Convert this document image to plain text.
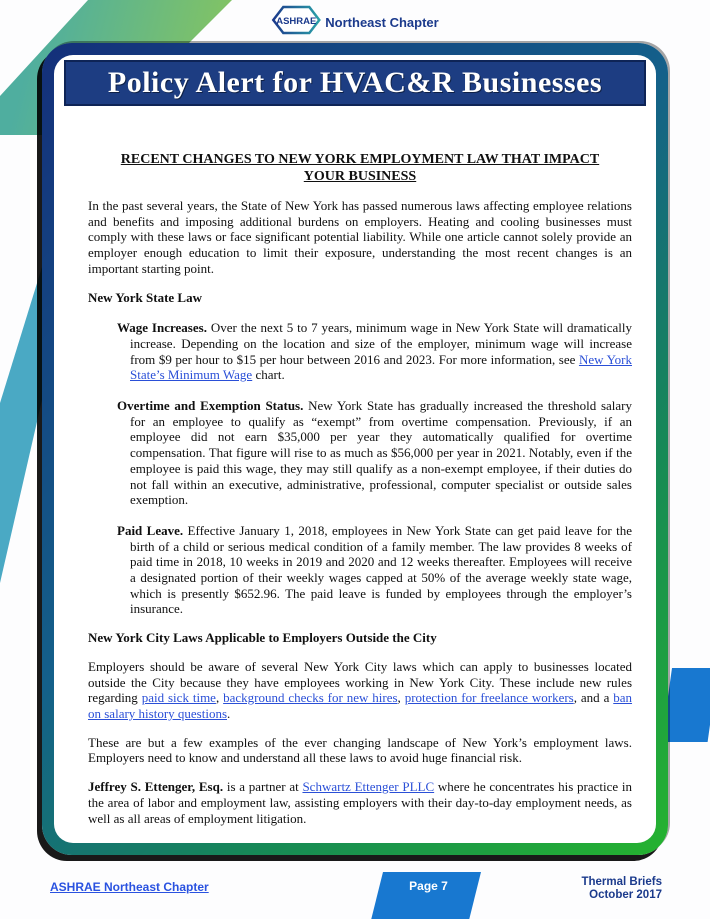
ASHRAE Northeast Chapter
Policy Alert for HVAC&R Businesses
RECENT CHANGES TO NEW YORK EMPLOYMENT LAW THAT IMPACT
YOUR BUSINESS

In the past several years, the State of New York has passed numerous laws affecting employee relations and benefits and imposing additional burdens on employers. Heating and cooling businesses must comply with these laws or face significant potential liability. While one article cannot solely provide an employer enough education to limit their exposure, understanding the most recent changes is an important starting point.

New York State Law

Wage Increases. Over the next 5 to 7 years, minimum wage in New York State will dramatically increase. Depending on the location and size of the employer, minimum wage will increase from $9 per hour to $15 per hour between 2016 and 2023. For more information, see New York State’s Minimum Wage chart.

Overtime and Exemption Status. New York State has gradually increased the threshold salary for an employee to qualify as “exempt” from overtime compensation. Previously, if an employee did not earn $35,000 per year they automatically qualified for overtime compensation. That figure will rise to as much as $56,000 per year in 2021. Notably, even if the employee is paid this wage, they may still qualify as a non-exempt employee, if their duties do not fall within an executive, administrative, professional, computer specialist or outside sales exemption.

Paid Leave. Effective January 1, 2018, employees in New York State can get paid leave for the birth of a child or serious medical condition of a family member. The law provides 8 weeks of paid time in 2018, 10 weeks in 2019 and 2020 and 12 weeks thereafter. Employees will receive a designated portion of their weekly wages capped at 50% of the average weekly state wage, which is presently $652.96. The paid leave is funded by employees through the employer’s insurance.

New York City Laws Applicable to Employers Outside the City

Employers should be aware of several New York City laws which can apply to businesses located outside the City because they have employees working in New York City. These include new rules regarding paid sick time, background checks for new hires, protection for freelance workers, and a ban on salary history questions.

These are but a few examples of the ever changing landscape of New York’s employment laws. Employers need to know and understand all these laws to avoid huge financial risk.

Jeffrey S. Ettenger, Esq. is a partner at Schwartz Ettenger PLLC where he concentrates his practice in the area of labor and employment law, assisting employers with their day-to-day employment needs, as well as all areas of employment litigation.

ASHRAE Northeast Chapter	Page 7	Thermal Briefs
October 2017
